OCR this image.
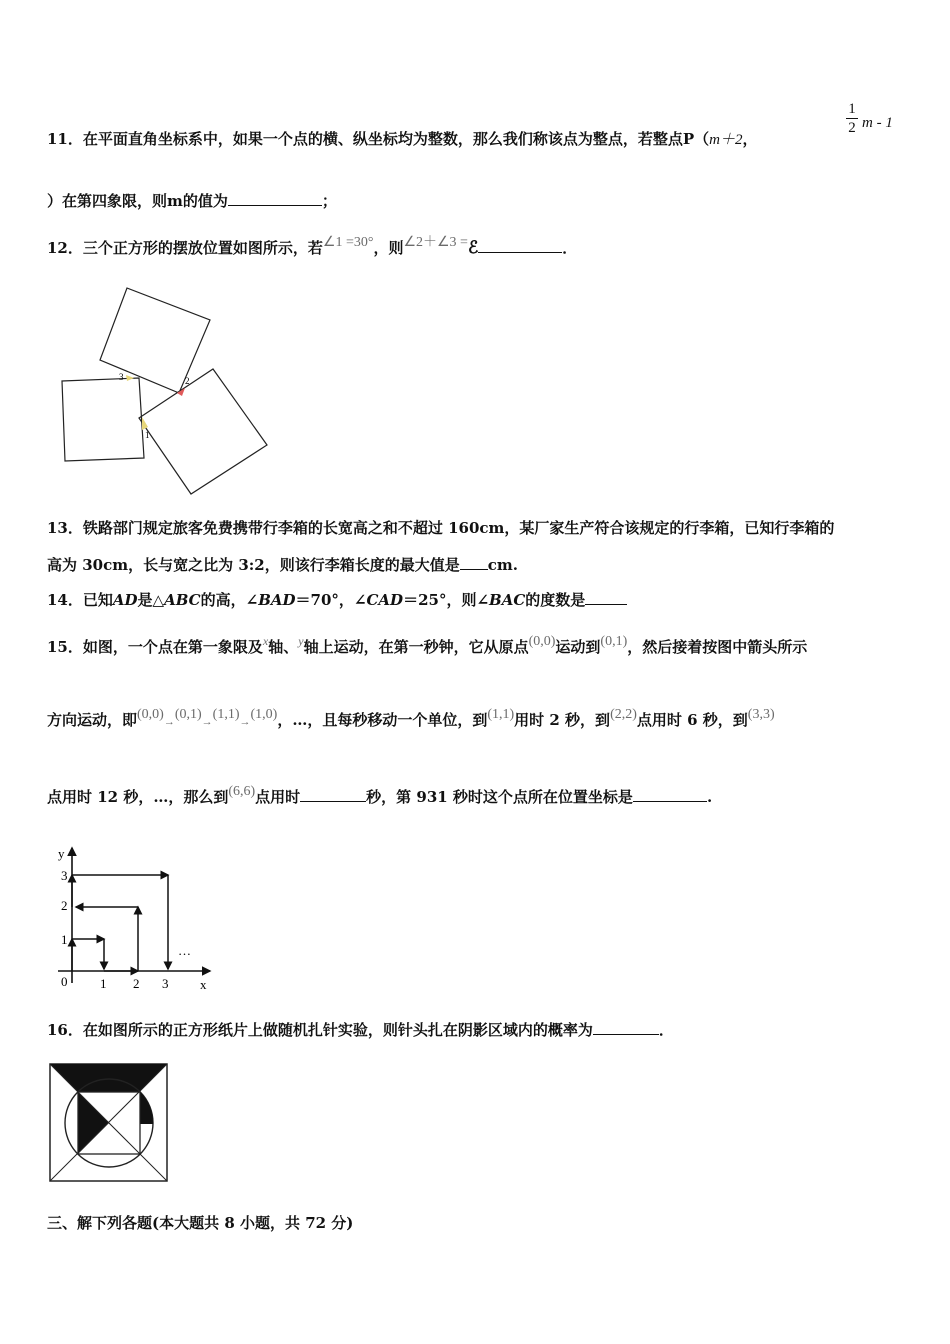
11．在平面直角坐标系中，如果一个点的横、纵坐标均为整数，那么我们称该点为整点，若整点P（m＋2，
1
2 m - 1
）在第四象限，则m的值为	；
12．三个正方形的摆放位置如图所示，若∠1 =30°，则∠2＋∠3 =ℰ	．
3	2
1
13．铁路部门规定旅客免费携带行李箱的长宽高之和不超过 160cm，某厂家生产符合该规定的行李箱，已知行李箱的
高为 30cm，长与宽之比为 3:2，则该行李箱长度的最大值是 cm.
14．已知AD是△ABC的高，∠BAD＝70°，∠CAD＝25°，则∠BAC的度数是
15．如图，一个点在第一象限及$^x$轴、$^y$轴上运动，在第一秒钟，它从原点(0,0)运动到(0,1)，然后接着按图中箭头所示
方向运动，即(0,0)→(0,1)→(1,1)→(1,0)，…，且每秒移动一个单位，到(1,1)用时 2 秒，到(2,2)点用时 6 秒，到(3,3)
点用时 12 秒，…，那么到(6,6)点用时	秒，第 931 秒时这个点所在位置坐标是	.
y
x
0
1
2
3
1 2 3
…
16．在如图所示的正方形纸片上做随机扎针实验，则针头扎在阴影区域内的概率为	．
三、解下列各题(本大题共 8 小题，共 72 分)
